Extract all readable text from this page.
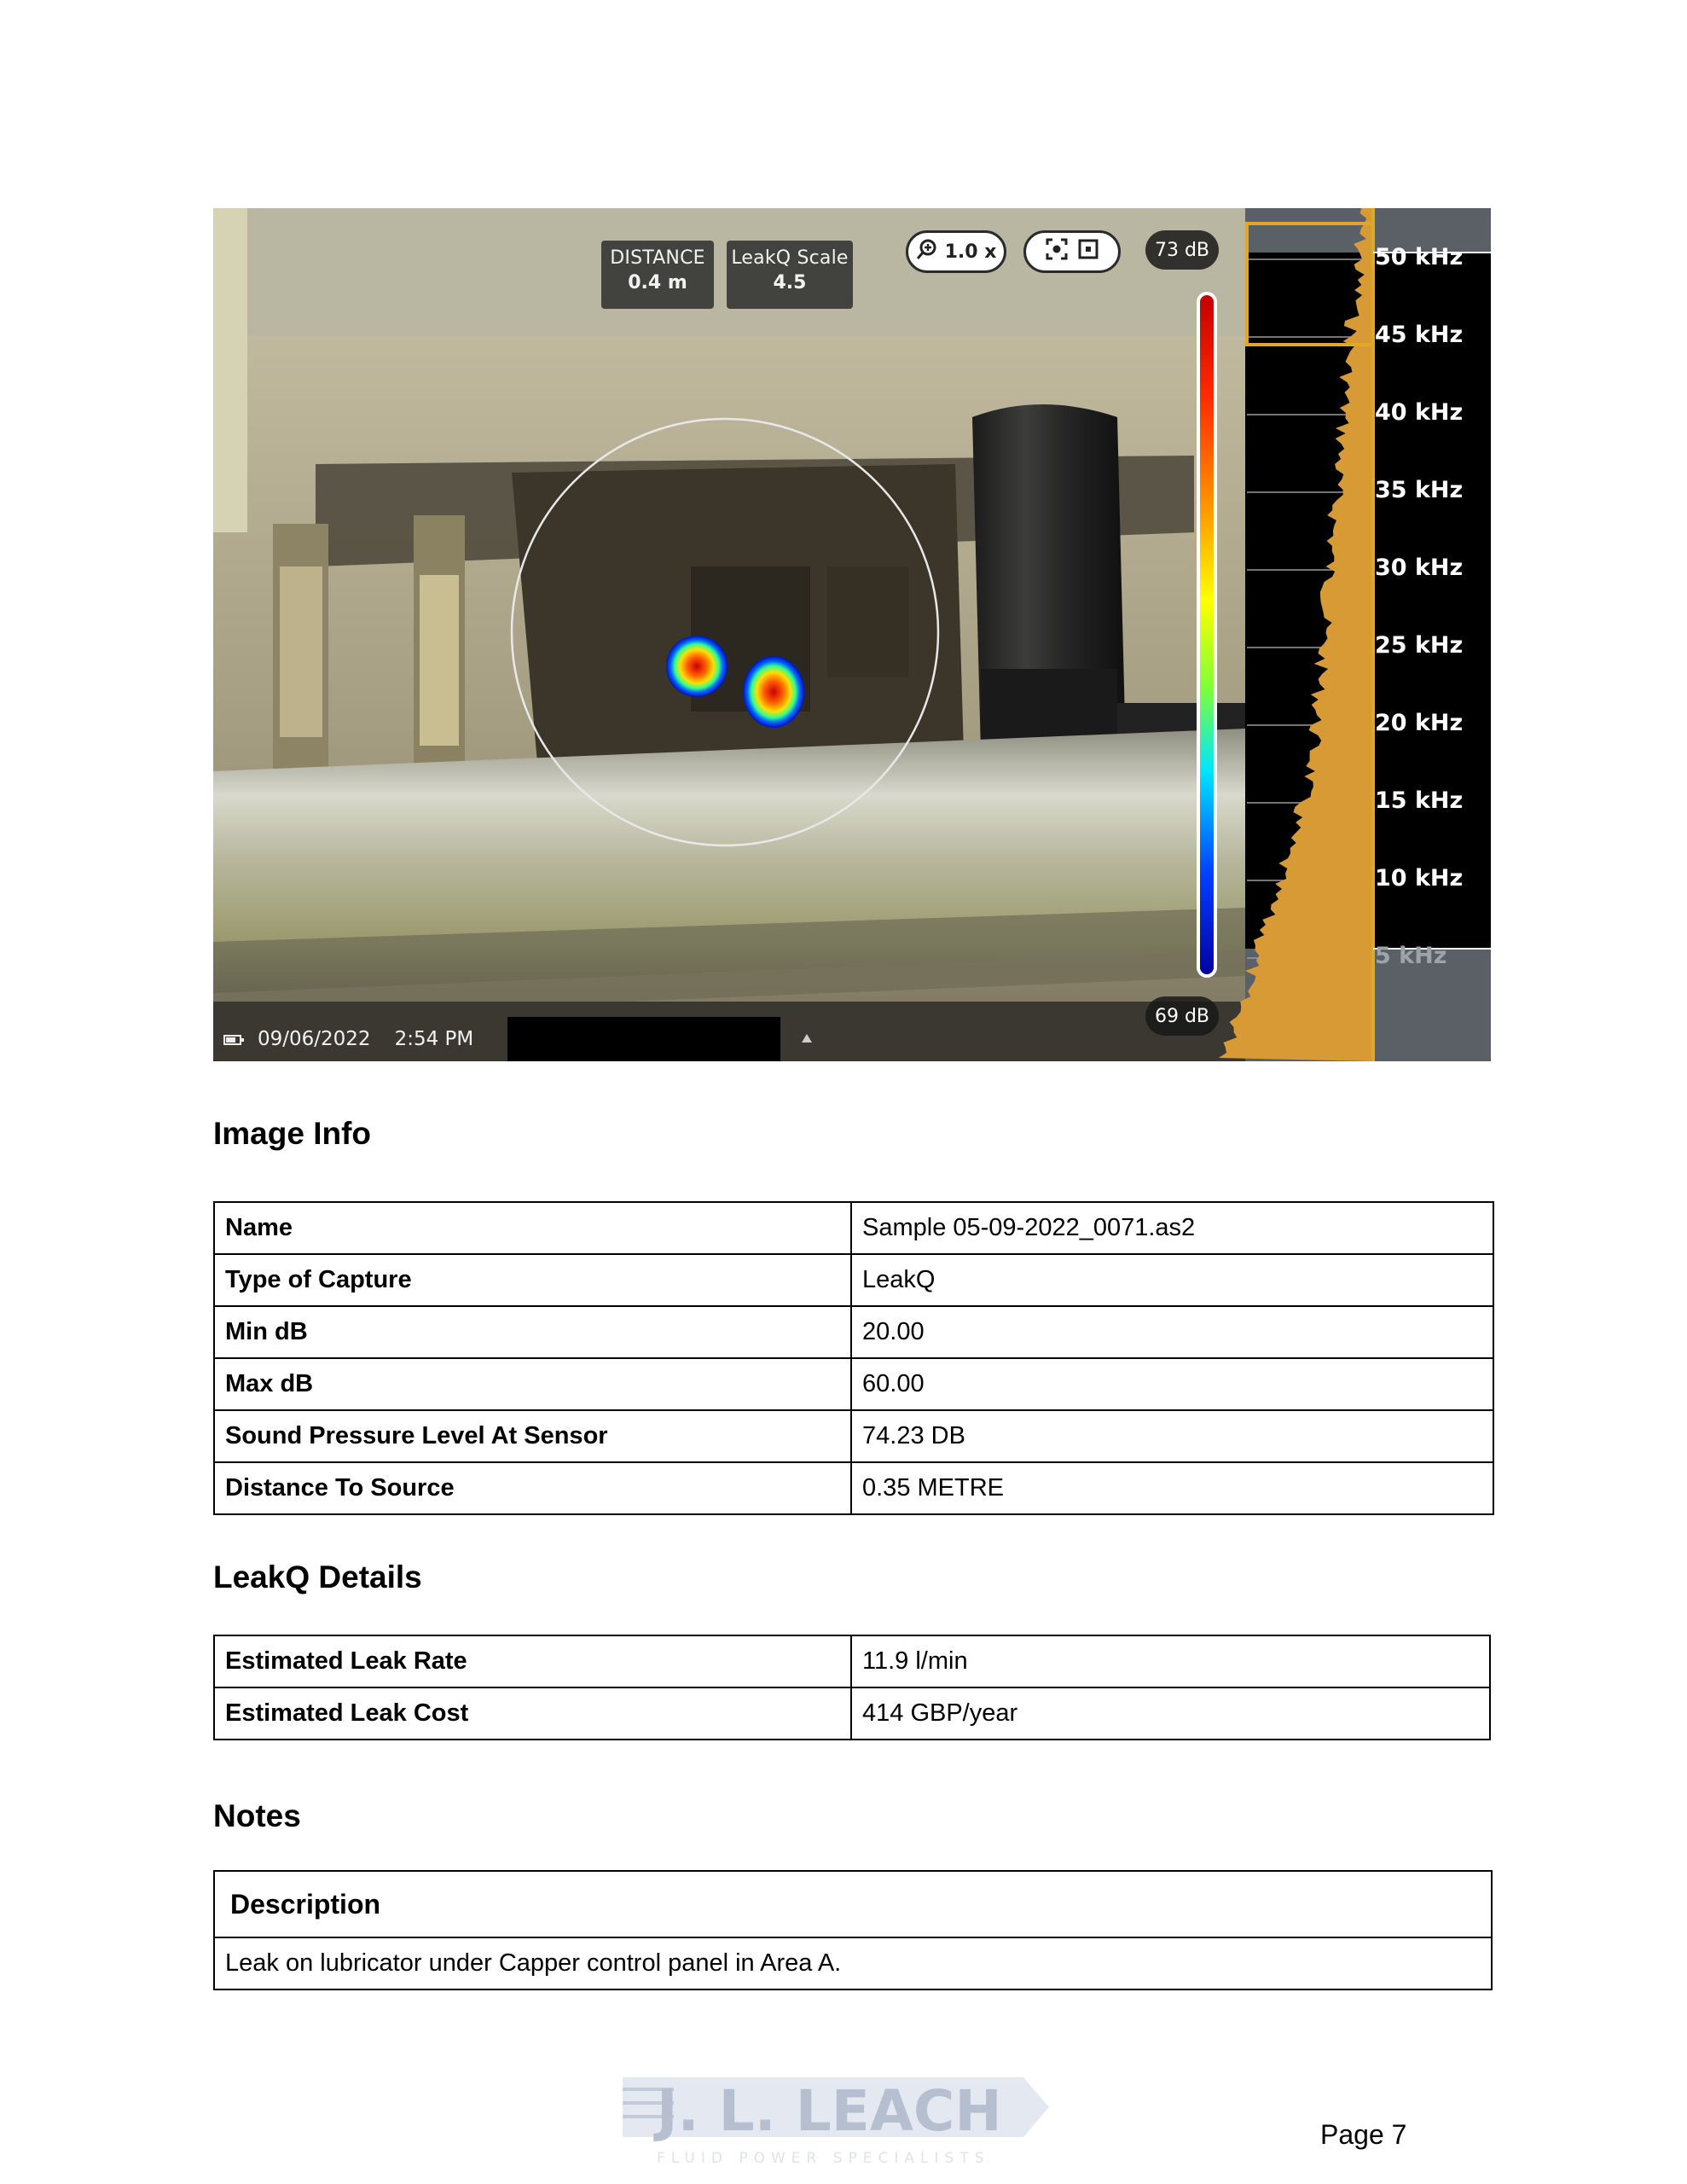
DISTANCE
0.4 m
LeakQ Scale
4.5
1.0 x	73 dB
69 dB
50 kHz
45 kHz
40 kHz
35 kHz
30 kHz
25 kHz
20 kHz
15 kHz
10 kHz
5 kHz
09/06/2022 2:54 PM
Image Info
Name	Sample 05-09-2022_0071.as2
Type of Capture	LeakQ
Min dB	20.00
Max dB	60.00
Sound Pressure Level At Sensor	74.23 DB
Distance To Source	0.35 METRE
LeakQ Details
Estimated Leak Rate	11.9 l/min
Estimated Leak Cost	414 GBP/year
Notes
Description
Leak on lubricator under Capper control panel in Area A.
J. L. LEACH
FLUID POWER SPECIALISTS
Page 7
